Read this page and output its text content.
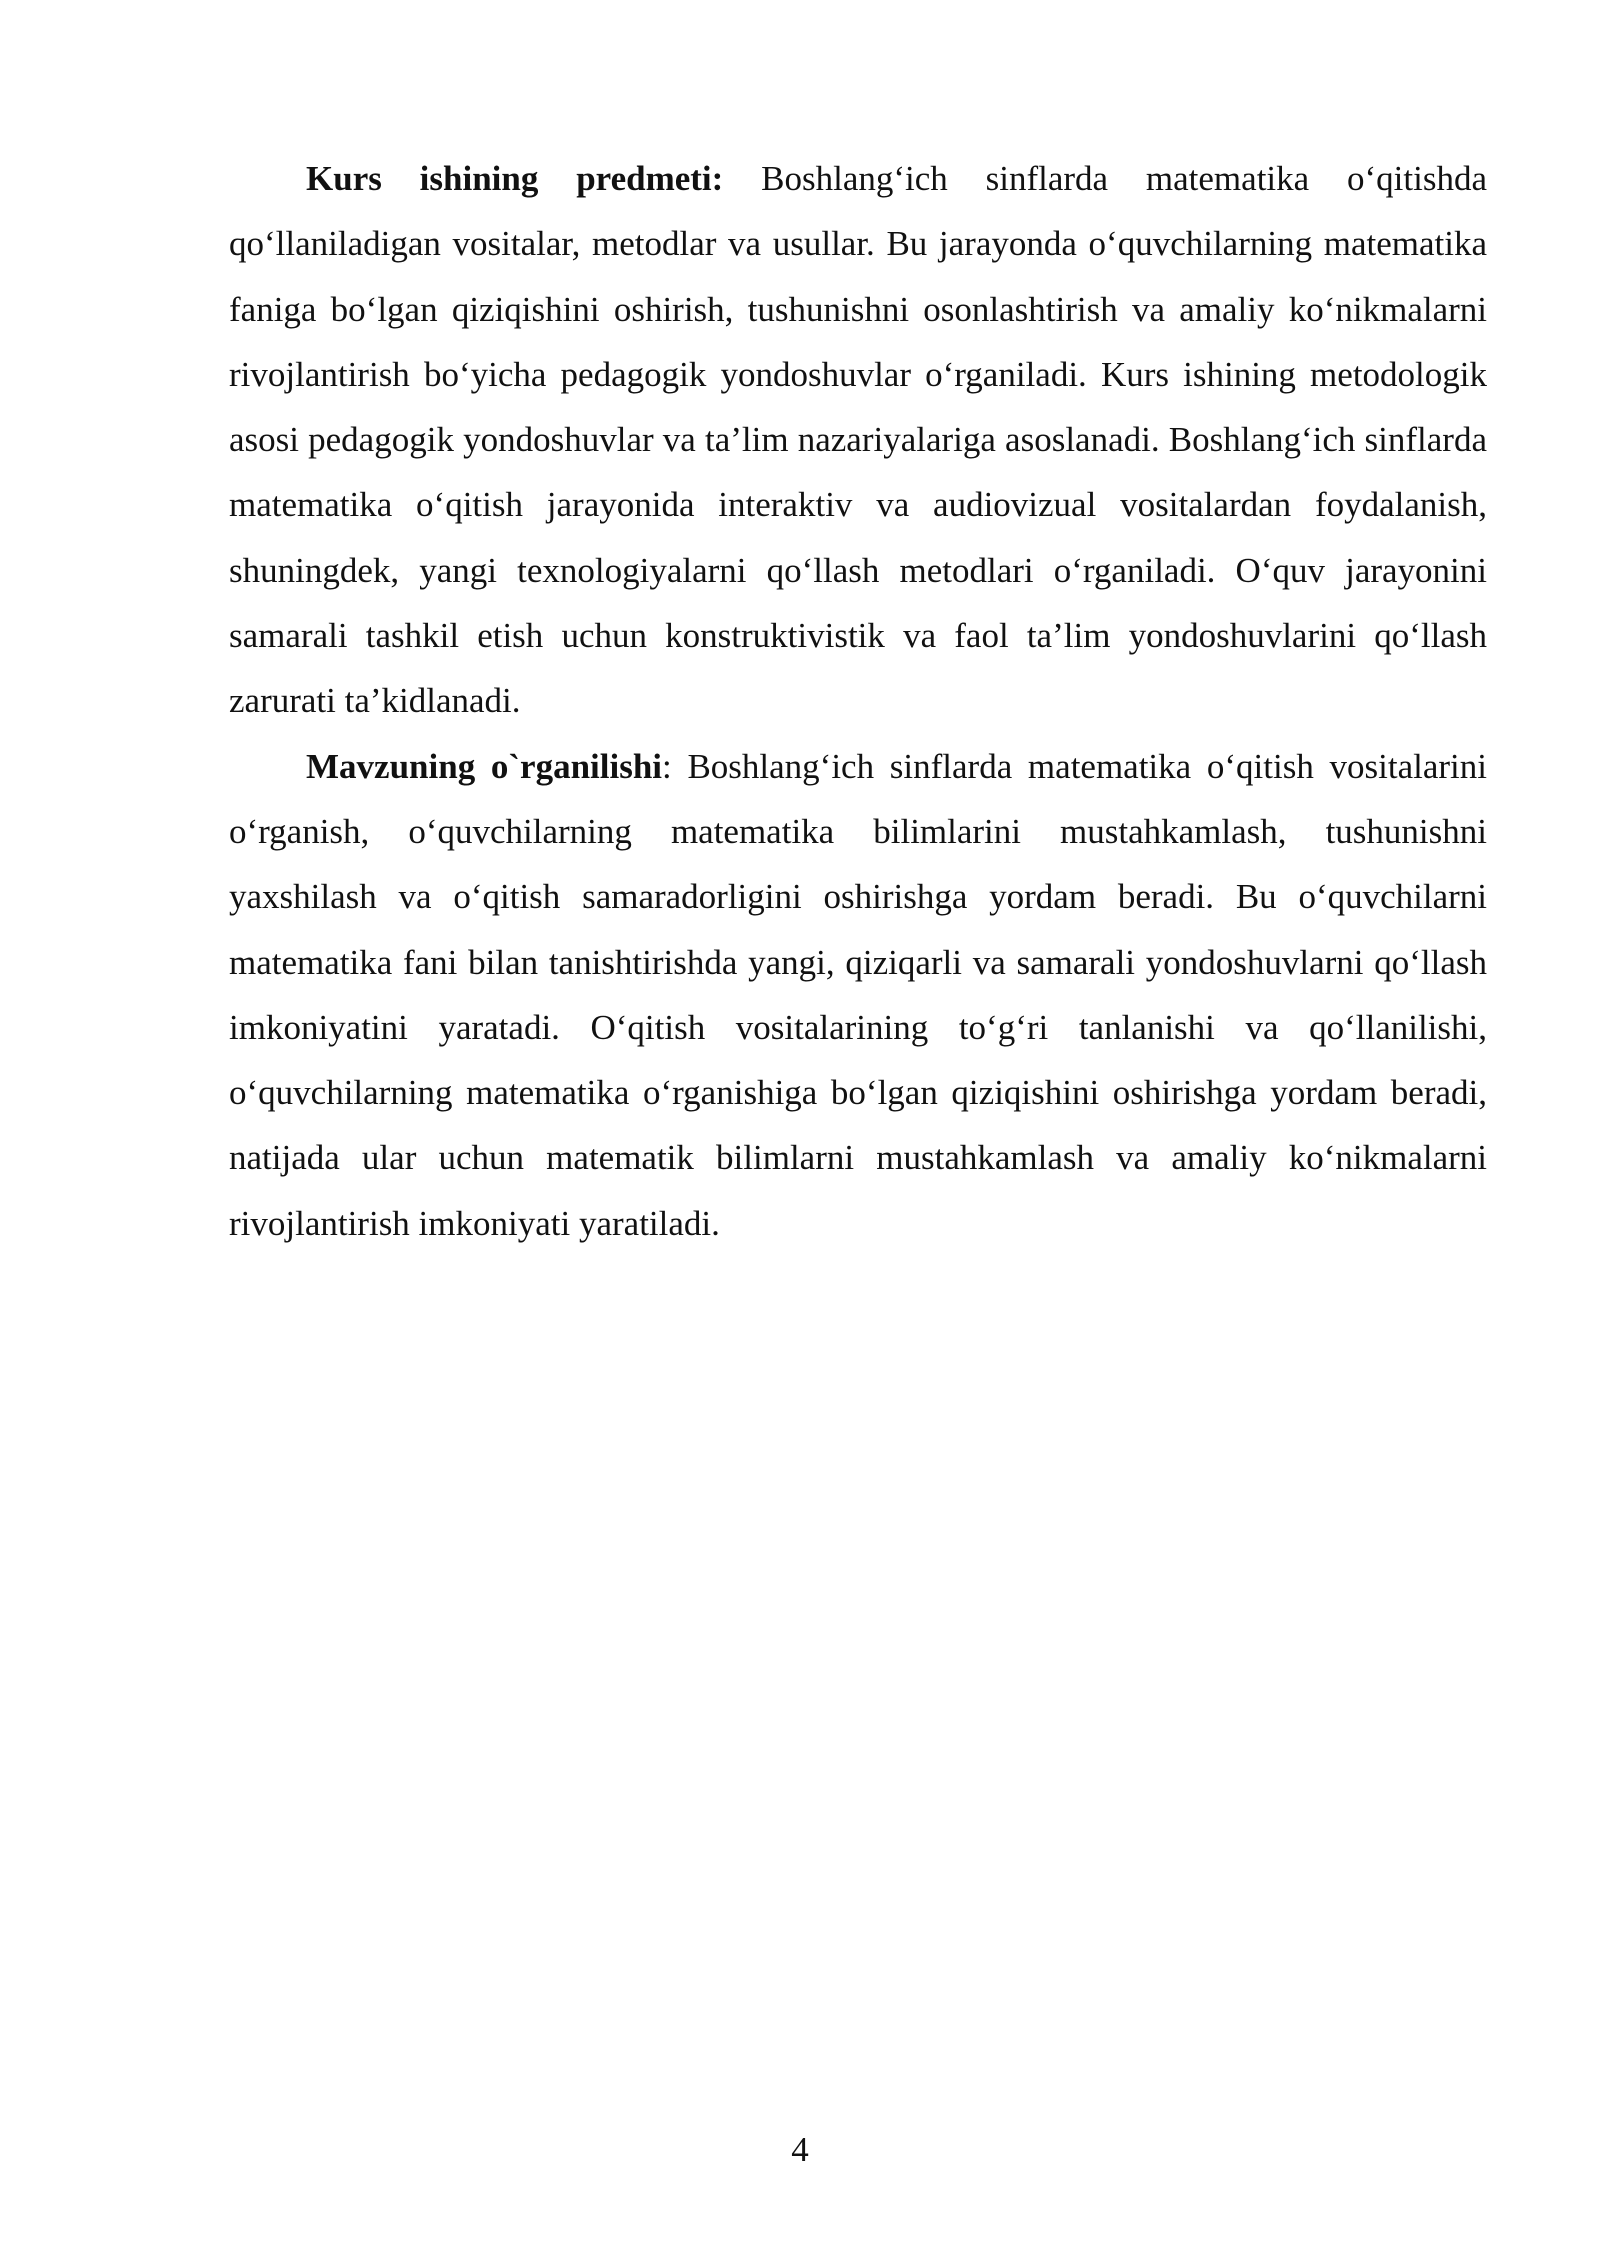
Kurs ishining predmeti: Boshlang‘ich sinflarda matematika o‘qitishda qo‘llaniladigan vositalar, metodlar va usullar. Bu jarayonda o‘quvchilarning matematika faniga bo‘lgan qiziqishini oshirish, tushunishni osonlashtirish va amaliy ko‘nikmalarni rivojlantirish bo‘yicha pedagogik yondoshuvlar o‘rganiladi. Kurs ishining metodologik asosi pedagogik yondoshuvlar va ta’lim nazariyalariga asoslanadi. Boshlang‘ich sinflarda matematika o‘qitish jarayonida interaktiv va audiovizual vositalardan foydalanish, shuningdek, yangi texnologiyalarni qo‘llash metodlari o‘rganiladi. O‘quv jarayonini samarali tashkil etish uchun konstruktivistik va faol ta’lim yondoshuvlarini qo‘llash zarurati ta’kidlanadi.

Mavzuning o`rganilishi: Boshlang‘ich sinflarda matematika o‘qitish vositalarini o‘rganish, o‘quvchilarning matematika bilimlarini mustahkamlash, tushunishni yaxshilash va o‘qitish samaradorligini oshirishga yordam beradi. Bu o‘quvchilarni matematika fani bilan tanishtirishda yangi, qiziqarli va samarali yondoshuvlarni qo‘llash imkoniyatini yaratadi. O‘qitish vositalarining to‘g‘ri tanlanishi va qo‘llanilishi, o‘quvchilarning matematika o‘rganishiga bo‘lgan qiziqishini oshirishga yordam beradi, natijada ular uchun matematik bilimlarni mustahkamlash va amaliy ko‘nikmalarni rivojlantirish imkoniyati yaratiladi.

4
